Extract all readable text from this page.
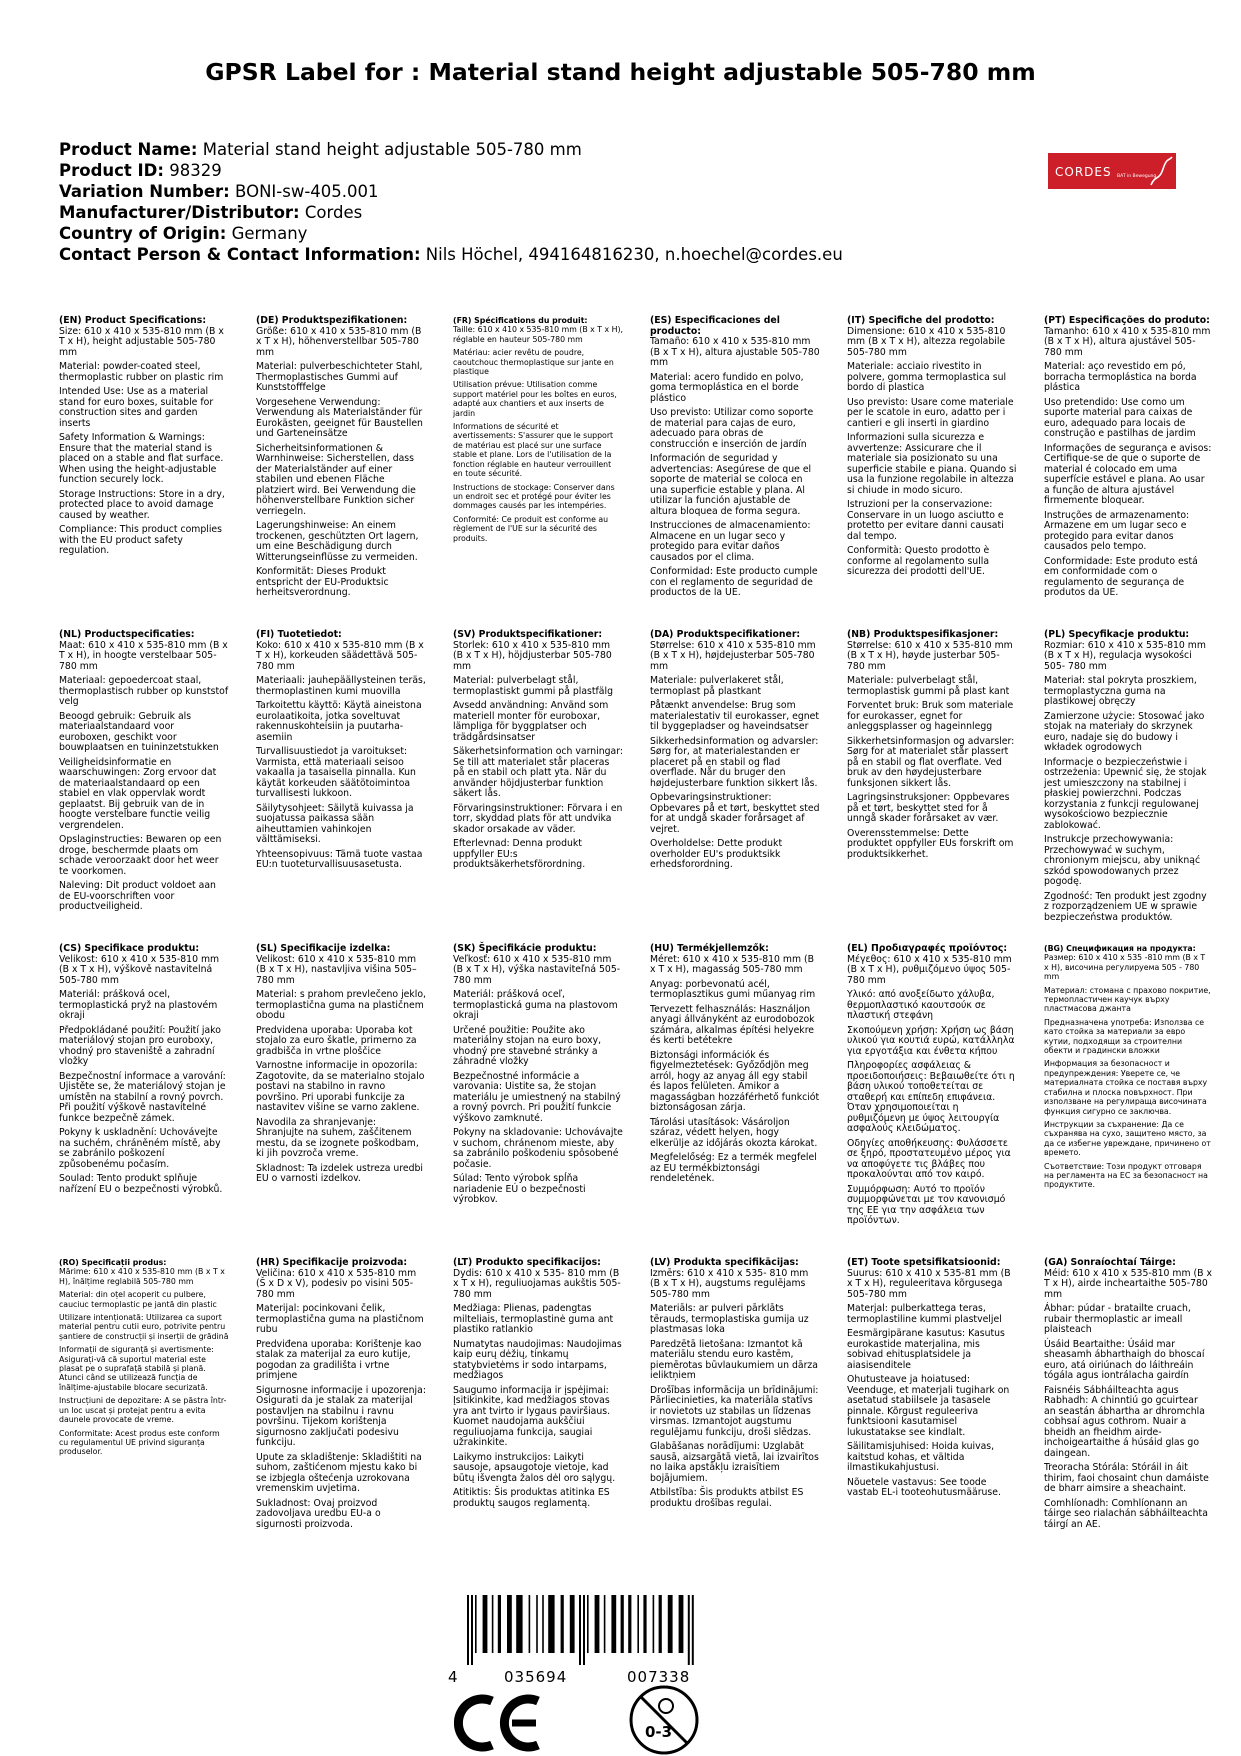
GPSR Label for : Material stand height adjustable 505-780 mm
Product Name: Material stand height adjustable 505-780 mm
Product ID: 98329
Variation Number: BONI-sw-405.001
Manufacturer/Distributor: Cordes
Country of Origin: Germany
Contact Person & Contact Information: Nils Höchel, 494164816230, n.hoechel@cordes.eu
CORDES BAT in Bewegung
(EN) Product Specifications:

Size: 610 x 410 x 535-810 mm (B x T x H), height adjustable 505-780 mm

Material: powder-coated steel, thermoplastic rubber on plastic rim

Intended Use: Use as a material stand for euro boxes, suitable for construction sites and garden inserts

Safety Information & Warnings: Ensure that the material stand is placed on a stable and flat surface. When using the height-adjustable function securely lock.

Storage Instructions: Store in a dry, protected place to avoid damage caused by weather.

Compliance: This product complies with the EU product safety regulation.

(DE) Produktspezifikationen:

Größe: 610 x 410 x 535-810 mm (B x T x H), höhenverstellbar 505-780 mm

Material: pulverbeschichteter Stahl, Thermoplastisches Gummi auf Kunststofffelge

Vorgesehene Verwendung: Verwendung als Materialständer für Eurokästen, geeignet für Baustellen und Garteneinsätze

Sicherheitsinformationen & Warnhinweise: Sicherstellen, dass der Materialständer auf einer stabilen und ebenen Fläche platziert wird. Bei Verwendung die höhenverstellbare Funktion sicher verriegeln.

Lagerungshinweise: An einem trockenen, geschützten Ort lagern, um eine Beschädigung durch Witterungseinflüsse zu vermeiden.

Konformität: Dieses Produkt entspricht der EU-Produktsic herheitsverordnung.

(FR) Spécifications du produit:

Taille: 610 x 410 x 535-810 mm (B x T x H), réglable en hauteur 505-780 mm

Matériau: acier revêtu de poudre, caoutchouc thermoplastique sur jante en plastique

Utilisation prévue: Utilisation comme support matériel pour les boîtes en euros, adapté aux chantiers et aux inserts de jardin

Informations de sécurité et avertissements: S'assurer que le support de matériau est placé sur une surface stable et plane. Lors de l'utilisation de la fonction réglable en hauteur verrouillent en toute sécurité.

Instructions de stockage: Conserver dans un endroit sec et protégé pour éviter les dommages causés par les intempéries.

Conformité: Ce produit est conforme au règlement de l'UE sur la sécurité des produits.

(ES) Especificaciones del producto:

Tamaño: 610 x 410 x 535-810 mm (B x T x H), altura ajustable 505-780 mm

Material: acero fundido en polvo, goma termoplástica en el borde plástico

Uso previsto: Utilizar como soporte de material para cajas de euro, adecuado para obras de construcción e inserción de jardín

Información de seguridad y advertencias: Asegúrese de que el soporte de material se coloca en una superficie estable y plana. Al utilizar la función ajustable de altura bloquea de forma segura.

Instrucciones de almacenamiento: Almacene en un lugar seco y protegido para evitar daños causados por el clima.

Conformidad: Este producto cumple con el reglamento de seguridad de productos de la UE.

(IT) Specifiche del prodotto:

Dimensione: 610 x 410 x 535-810 mm (B x T x H), altezza regolabile 505-780 mm

Materiale: acciaio rivestito in polvere, gomma termoplastica sul bordo di plastica

Uso previsto: Usare come materiale per le scatole in euro, adatto per i cantieri e gli inserti in giardino

Informazioni sulla sicurezza e avvertenze: Assicurare che il materiale sia posizionato su una superficie stabile e piana. Quando si usa la funzione regolabile in altezza si chiude in modo sicuro.

Istruzioni per la conservazione: Conservare in un luogo asciutto e protetto per evitare danni causati dal tempo.

Conformità: Questo prodotto è conforme al regolamento sulla sicurezza dei prodotti dell'UE.

(PT) Especificações do produto:

Tamanho: 610 x 410 x 535-810 mm (B x T x H), altura ajustável 505-780 mm

Material: aço revestido em pó, borracha termoplástica na borda plástica

Uso pretendido: Use como um suporte material para caixas de euro, adequado para locais de construção e pastilhas de jardim

Informações de segurança e avisos: Certifique-se de que o suporte de material é colocado em uma superfície estável e plana. Ao usar a função de altura ajustável firmemente bloquear.

Instruções de armazenamento: Armazene em um lugar seco e protegido para evitar danos causados pelo tempo.

Conformidade: Este produto está em conformidade com o regulamento de segurança de produtos da UE.

(NL) Productspecificaties:

Maat: 610 x 410 x 535-810 mm (B x T x H), in hoogte verstelbaar 505-780 mm

Materiaal: gepoedercoat staal, thermoplastisch rubber op kunststof velg

Beoogd gebruik: Gebruik als materiaalstandaard voor euroboxen, geschikt voor bouwplaatsen en tuininzetstukken

Veiligheidsinformatie en waarschuwingen: Zorg ervoor dat de materiaalstandaard op een stabiel en vlak oppervlak wordt geplaatst. Bij gebruik van de in hoogte verstelbare functie veilig vergrendelen.

Opslaginstructies: Bewaren op een droge, beschermde plaats om schade veroorzaakt door het weer te voorkomen.

Naleving: Dit product voldoet aan de EU-voorschriften voor productveiligheid.

(FI) Tuotetiedot:

Koko: 610 x 410 x 535-810 mm (B x T x H), korkeuden säädettävä 505-780 mm

Materiaali: jauhepäällysteinen teräs, thermoplastinen kumi muovilla

Tarkoitettu käyttö: Käytä aineistona eurolaatikoita, jotka soveltuvat rakennuskohteisiin ja puutarha-asemiin

Turvallisuustiedot ja varoitukset: Varmista, että materiaali seisoo vakaalla ja tasaisella pinnalla. Kun käytät korkeuden säätötoimintoa turvallisesti lukkoon.

Säilytysohjeet: Säilytä kuivassa ja suojatussa paikassa sään aiheuttamien vahinkojen välttämiseksi.

Yhteensopivuus: Tämä tuote vastaa EU:n tuoteturvallisuusasetusta.

(SV) Produktspecifikationer:

Storlek: 610 x 410 x 535-810 mm (B x T x H), höjdjusterbar 505-780 mm

Material: pulverbelagt stål, termoplastiskt gummi på plastfälg

Avsedd användning: Använd som materiell monter för euroboxar, lämpliga för byggplatser och trädgårdsinsatser

Säkerhetsinformation och varningar: Se till att materialet står placeras på en stabil och platt yta. När du använder höjdjusterbar funktion säkert lås.

Förvaringsinstruktioner: Förvara i en torr, skyddad plats för att undvika skador orsakade av väder.

Efterlevnad: Denna produkt uppfyller EU:s produktsäkerhetsförordning.

(DA) Produktspecifikationer:

Størrelse: 610 x 410 x 535-810 mm (B x T x H), højdejusterbar 505-780 mm

Materiale: pulverlakeret stål, termoplast på plastkant

Påtænkt anvendelse: Brug som materialestativ til eurokasser, egnet til byggepladser og haveindsatser

Sikkerhedsinformation og advarsler: Sørg for, at materialestanden er placeret på en stabil og flad overflade. Når du bruger den højdejusterbare funktion sikkert lås.

Opbevaringsinstruktioner: Opbevares på et tørt, beskyttet sted for at undgå skader forårsaget af vejret.

Overholdelse: Dette produkt overholder EU's produktsikk erhedsforordning.

(NB) Produktspesifikasjoner:

Størrelse: 610 x 410 x 535-810 mm (B x T x H), høyde justerbar 505-780 mm

Materiale: pulverbelagt stål, termoplastisk gummi på plast kant

Forventet bruk: Bruk som materiale for eurokasser, egnet for anleggsplasser og hageinnlegg

Sikkerhetsinformasjon og advarsler: Sørg for at materialet står plassert på en stabil og flat overflate. Ved bruk av den høydejusterbare funksjonen sikkert lås.

Lagringsinstruksjoner: Oppbevares på et tørt, beskyttet sted for å unngå skader forårsaket av vær.

Overensstemmelse: Dette produktet oppfyller EUs forskrift om produktsikkerhet.

(PL) Specyfikacje produktu:

Rozmiar: 610 x 410 x 535-810 mm (B x T x H), regulacja wysokości 505- 780 mm

Materiał: stal pokryta proszkiem, termoplastyczna guma na plastikowej obręczy

Zamierzone użycie: Stosować jako stojak na materiały do skrzynek euro, nadaje się do budowy i wkładek ogrodowych

Informacje o bezpieczeństwie i ostrzeżenia: Upewnić się, że stojak jest umieszczony na stabilnej i płaskiej powierzchni. Podczas korzystania z funkcji regulowanej wysokościowo bezpiecznie zablokować.

Instrukcje przechowywania: Przechowywać w suchym, chronionym miejscu, aby uniknąć szkód spowodowanych przez pogodę.

Zgodność: Ten produkt jest zgodny z rozporządzeniem UE w sprawie bezpieczeństwa produktów.

(CS) Specifikace produktu:

Velikost: 610 x 410 x 535-810 mm (B x T x H), výškově nastavitelná 505-780 mm

Materiál: prášková ocel, termoplastická pryž na plastovém okraji

Předpokládané použití: Použití jako materiálový stojan pro euroboxy, vhodný pro staveniště a zahradní vložky

Bezpečnostní informace a varování: Ujistěte se, že materiálový stojan je umístěn na stabilní a rovný povrch. Při použití výškově nastavitelné funkce bezpečně zámek.

Pokyny k uskladnění: Uchovávejte na suchém, chráněném místě, aby se zabránilo poškození způsobenému počasím.

Soulad: Tento produkt splňuje nařízení EU o bezpečnosti výrobků.

(SL) Specifikacije izdelka:

Velikost: 610 x 410 x 535-810 mm (B x T x H), nastavljiva višina 505–780 mm

Material: s prahom prevlečeno jeklo, termoplastična guma na plastičnem obodu

Predvidena uporaba: Uporaba kot stojalo za euro škatle, primerno za gradbišča in vrtne ploščice

Varnostne informacije in opozorila: Zagotovite, da se materialno stojalo postavi na stabilno in ravno površino. Pri uporabi funkcije za nastavitev višine se varno zaklene.

Navodila za shranjevanje: Shranjujte na suhem, zaščitenem mestu, da se izognete poškodbam, ki jih povzroča vreme.

Skladnost: Ta izdelek ustreza uredbi EU o varnosti izdelkov.

(SK) Špecifikácie produktu:

Veľkosť: 610 x 410 x 535-810 mm (B x T x H), výška nastaviteľná 505-780 mm

Materiál: prášková oceľ, termoplastická guma na plastovom okraji

Určené použitie: Použite ako materiálny stojan na euro boxy, vhodný pre stavebné stránky a záhradné vložky

Bezpečnostné informácie a varovania: Uistite sa, že stojan materiálu je umiestnený na stabilný a rovný povrch. Pri použití funkcie výškovo zamknuté.

Pokyny na skladovanie: Uchovávajte v suchom, chránenom mieste, aby sa zabránilo poškodeniu spôsobené počasie.

Súlad: Tento výrobok spĺňa nariadenie EÚ o bezpečnosti výrobkov.

(HU) Termékjellemzők:

Méret: 610 x 410 x 535-810 mm (B x T x H), magasság 505-780 mm

Anyag: porbevonatú acél, termoplasztikus gumi műanyag rim

Tervezett felhasználás: Használjon anyagi állványként az eurodobozok számára, alkalmas építési helyekre és kerti betétekre

Biztonsági információk és figyelmeztetések: Győződjön meg arról, hogy az anyag áll egy stabil és lapos felületen. Amikor a magasságban hozzáférhető funkciót biztonságosan zárja.

Tárolási utasítások: Vásároljon száraz, védett helyen, hogy elkerülje az időjárás okozta károkat.

Megfelelőség: Ez a termék megfelel az EU termékbiztonsági rendeletének.

(EL) Προδιαγραφές προϊόντος:

Μέγεθος: 610 x 410 x 535-810 mm (B x T x H), ρυθμιζόμενο ύψος 505-780 mm

Υλικό: από ανοξείδωτο χάλυβα, θερμοπλαστικό καουτσούκ σε πλαστική στεφάνη

Σκοπούμενη χρήση: Χρήση ως βάση υλικού για κουτιά ευρώ, κατάλληλα για εργοτάξια και ένθετα κήπου

Πληροφορίες ασφάλειας & προειδοποιήσεις: Βεβαιωθείτε ότι η βάση υλικού τοποθετείται σε σταθερή και επίπεδη επιφάνεια. Όταν χρησιμοποιείται η ρυθμιζόμενη με ύψος λειτουργία ασφαλούς κλειδώματος.

Οδηγίες αποθήκευσης: Φυλάσσετε σε ξηρό, προστατευμένο μέρος για να αποφύγετε τις βλάβες που προκαλούνται από τον καιρό.

Συμμόρφωση: Αυτό το προϊόν συμμορφώνεται με τον κανονισμό της ΕΕ για την ασφάλεια των προϊόντων.

(BG) Спецификация на продукта:

Размер: 610 x 410 x 535 -810 mm (B x T x H), височина регулируема 505 - 780 mm

Материал: стомана с прахово покритие, термопластичен каучук върху пластмасова джанта

Предназначена употреба: Използва се като стойка за материали за евро кутии, подходящи за строителни обекти и градински вложки

Информация за безопасност и предупреждения: Уверете се, че материалната стойка се поставя върху стабилна и плоска повърхност. При използване на регулираща височината функция сигурно се заключва.

Инструкции за съхранение: Да се съхранява на сухо, защитено място, за да се избегне увреждане, причинено от времето.

Съответствие: Този продукт отговаря на регламента на ЕС за безопасност на продуктите.

(RO) Specificații produs:

Mărime: 610 x 410 x 535-810 mm (B x T x H), înălțime reglabilă 505-780 mm

Material: din oțel acoperit cu pulbere, cauciuc termoplastic pe jantă din plastic

Utilizare intenționată: Utilizarea ca suport material pentru cutii euro, potrivite pentru șantiere de construcții și inserții de grădină

Informații de siguranță și avertismente: Asigurați-vă că suportul material este plasat pe o suprafață stabilă și plană. Atunci când se utilizează funcția de înălțime-ajustabile blocare securizată.

Instrucțiuni de depozitare: A se păstra într-un loc uscat și protejat pentru a evita daunele provocate de vreme.

Conformitate: Acest produs este conform cu regulamentul UE privind siguranța produselor.

(HR) Specifikacije proizvoda:

Veličina: 610 x 410 x 535-810 mm (Š x D x V), podesiv po visini 505-780 mm

Materijal: pocinkovani čelik, termoplastična guma na plastičnom rubu

Predviđena uporaba: Korištenje kao stalak za materijal za euro kutije, pogodan za gradilišta i vrtne primjene

Sigurnosne informacije i upozorenja: Osigurati da je stalak za materijal postavljen na stabilnu i ravnu površinu. Tijekom korištenja sigurnosno zaključati podesivu funkciju.

Upute za skladištenje: Skladištiti na suhom, zaštićenom mjestu kako bi se izbjegla oštećenja uzrokovana vremenskim uvjetima.

Sukladnost: Ovaj proizvod zadovoljava uredbu EU-a o sigurnosti proizvoda.

(LT) Produkto specifikacijos:

Dydis: 610 x 410 x 535- 810 mm (B x T x H), reguliuojamas aukštis 505-780 mm

Medžiaga: Plienas, padengtas milteliais, termoplastinė guma ant plastiko ratlankio

Numatytas naudojimas: Naudojimas kaip eurų dėžių, tinkamų statybvietėms ir sodo intarpams, medžiagos

Saugumo informacija ir įspėjimai: Įsitikinkite, kad medžiagos stovas yra ant tvirto ir lygaus paviršiaus. Kuomet naudojama aukščiui reguliuojama funkcija, saugiai užrakinkite.

Laikymo instrukcijos: Laikyti sausoje, apsaugotoje vietoje, kad būtų išvengta žalos dėl oro sąlygų.

Atitiktis: Šis produktas atitinka ES produktų saugos reglamentą.

(LV) Produkta specifikācijas:

Izmērs: 610 x 410 x 535- 810 mm (B x T x H), augstums regulējams 505-780 mm

Materiāls: ar pulveri pārklāts tērauds, termoplastiska gumija uz plastmasas loka

Paredzētā lietošana: Izmantot kā materiālu stendu euro kastēm, piemērotas būvlaukumiem un dārza ieliktņiem

Drošības informācija un brīdinājumi: Pārliecinieties, ka materiāla statīvs ir novietots uz stabilas un līdzenas virsmas. Izmantojot augstumu regulējamu funkciju, droši slēdzas.

Glabāšanas norādījumi: Uzglabāt sausā, aizsargātā vietā, lai izvairītos no laika apstākļu izraisītiem bojājumiem.

Atbilstība: Šis produkts atbilst ES produktu drošības regulai.

(ET) Toote spetsifikatsioonid:

Suurus: 610 x 410 x 535-81 mm (B x T x H), reguleeritava kõrgusega 505-780 mm

Materjal: pulberkattega teras, termoplastiline kummi plastveljel

Eesmärgipärane kasutus: Kasutus eurokastide materjalina, mis sobivad ehitusplatsidele ja aiasisenditele

Ohutusteave ja hoiatused: Veenduge, et materjali tugihark on asetatud stabiilsele ja tasasele pinnale. Kõrgust reguleeriva funktsiooni kasutamisel lukustatakse see kindlalt.

Säilitamisjuhised: Hoida kuivas, kaitstud kohas, et vältida ilmastikukahjustusi.

Nõuetele vastavus: See toode vastab EL-i tooteohutusmääruse.

(GA) Sonraíochtaí Táirge:

Méid: 610 x 410 x 535-810 mm (B x T x H), airde incheartaithe 505-780 mm

Ábhar: púdar - bratailte cruach, rubair thermoplastic ar imeall plaisteach

Úsáid Beartaithe: Úsáid mar sheasamh ábharthaigh do bhoscaí euro, atá oiriúnach do láithreáin tógála agus iontrálacha gairdín

Faisnéis Sábháilteachta agus Rabhadh: A chinntiú go gcuirtear an seastán ábhartha ar dhromchla cobhsaí agus cothrom. Nuair a bheidh an fheidhm airde-inchoigeartaithe á húsáid glas go daingean.

Treoracha Stórála: Stóráil in áit thirim, faoi chosaint chun damáiste de bharr aimsire a sheachaint.

Comhlíonadh: Comhlíonann an táirge seo rialachán sábháilteachta táirgí an AE.

4	035694	007338
0-3
